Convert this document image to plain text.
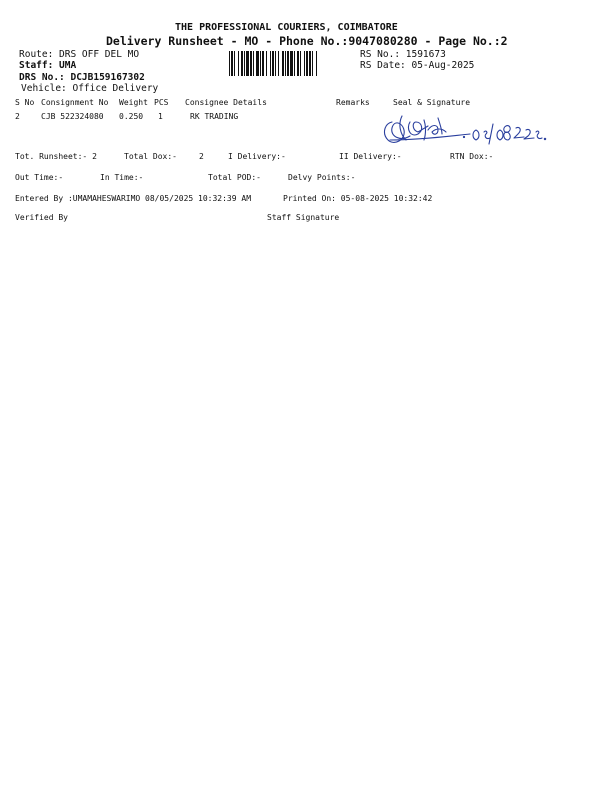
THE PROFESSIONAL COURIERS, COIMBATORE
Delivery Runsheet - MO - Phone No.:9047080280 - Page No.:2
Route: DRS OFF DEL MO
Staff: UMA
DRS No.: DCJB159167302
Vehicle: Office Delivery
RS No.: 1591673
RS Date: 05-Aug-2025
S No Consignment No Weight PCS Consignee Details	Remarks	Seal & Signature
2	CJB 522324080 0.250 1	RK TRADING
Tot. Runsheet:- 2	Total Dox:-	2	I Delivery:-	II Delivery:-	RTN Dox:-
Out Time:-	In Time:-	Total POD:-	Delvy Points:-
Entered By :UMAMAHESWARIMO 08/05/2025 10:32:39 AM	Printed On: 05-08-2025 10:32:42
Verified By	Staff Signature
